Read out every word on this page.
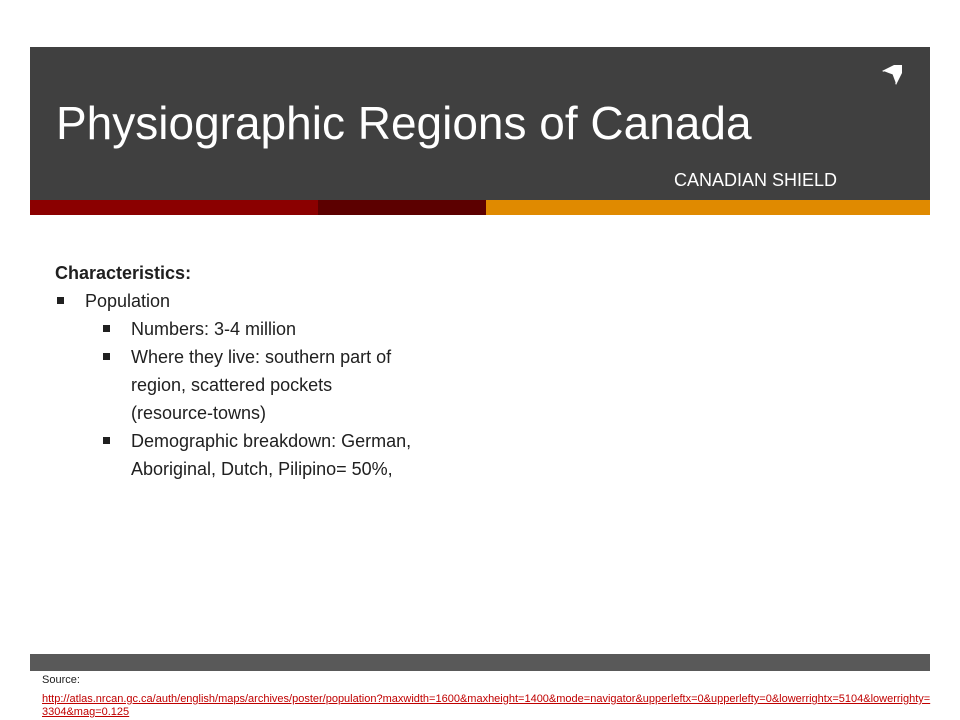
Physiographic Regions of Canada
CANADIAN SHIELD
Characteristics:
Population
Numbers: 3-4 million
Where they live: southern part of region, scattered pockets (resource-towns)
Demographic breakdown: German, Aboriginal, Dutch, Pilipino= 50%,
Source:
http://atlas.nrcan.gc.ca/auth/english/maps/archives/poster/population?maxwidth=1600&maxheight=1400&mode=navigator&upperleftx=0&upperlefty=0&lowerrightx=5104&lowerrighty=3304&mag=0.125
